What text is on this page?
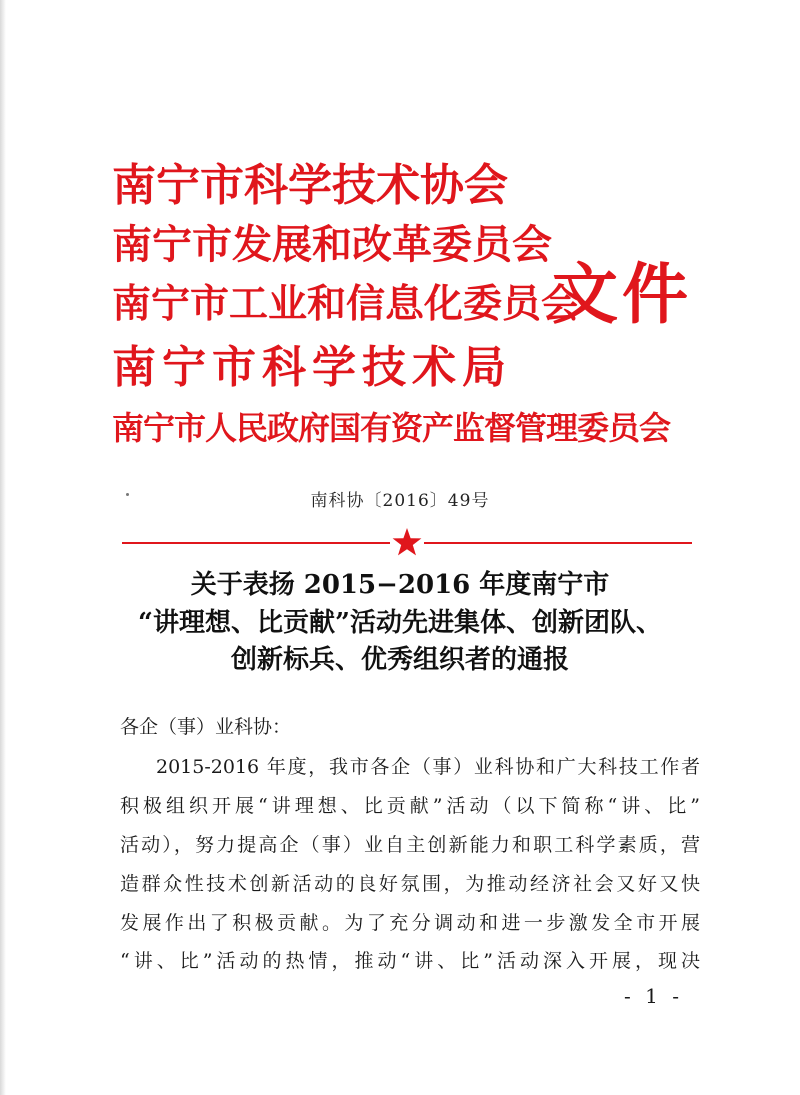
南宁市科学技术协会
南宁市发展和改革委员会
南宁市工业和信息化委员会
南宁市科学技术局
南宁市人民政府国有资产监督管理委员会
文件
南科协〔2016〕49号
关于表扬 2015−2016 年度南宁市
“讲理想、比贡献”活动先进集体、创新团队、
创新标兵、优秀组织者的通报
各企（事）业科协：
2015-2016 年度，我市各企（事）业科协和广大科技工作者
积极组织开展“讲理想、比贡献”活动（以下简称“讲、比”
活动），努力提高企（事）业自主创新能力和职工科学素质，营
造群众性技术创新活动的良好氛围，为推动经济社会又好又快
发展作出了积极贡献。为了充分调动和进一步激发全市开展
“讲、比”活动的热情，推动“讲、比”活动深入开展，现决
- 1 -
